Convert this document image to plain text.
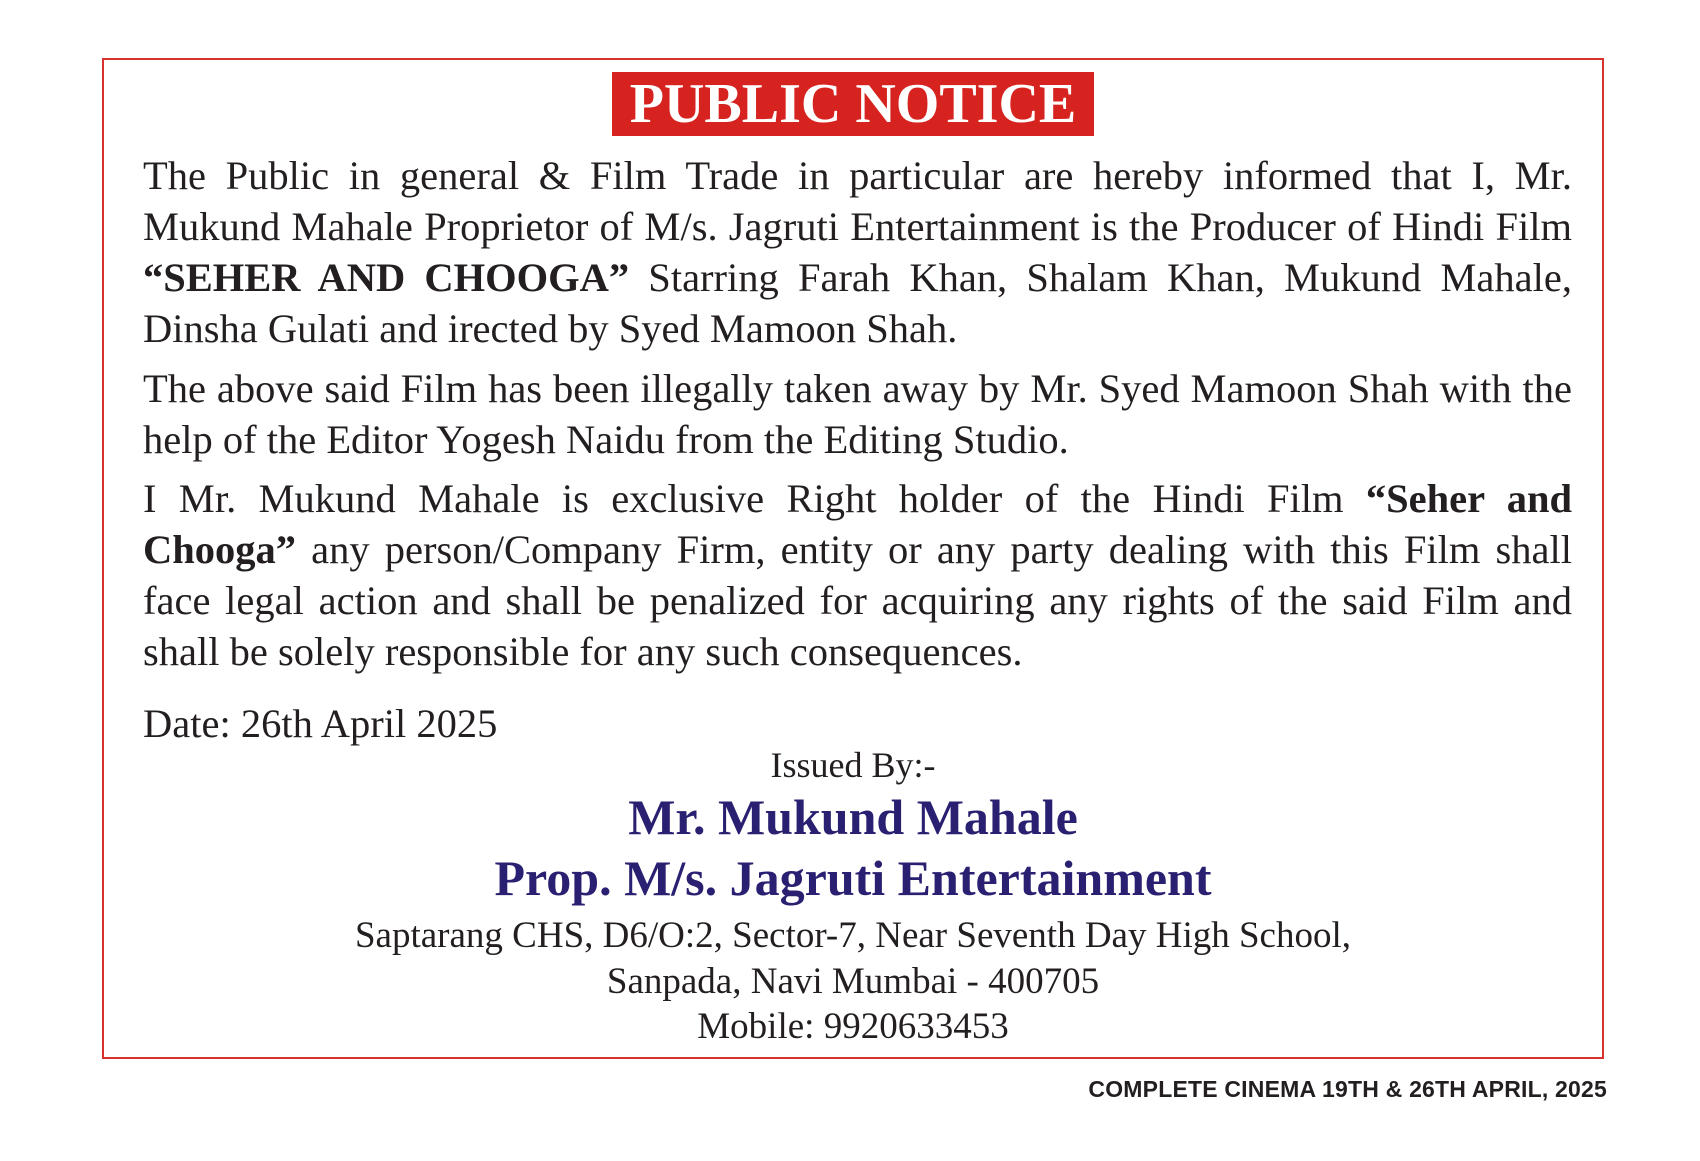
PUBLIC NOTICE

The Public in general & Film Trade in particular are hereby informed that I, Mr. Mukund Mahale Proprietor of M/s. Jagruti Entertainment is the Producer of Hindi Film “SEHER AND CHOOGA” Starring Farah Khan, Shalam Khan, Mukund Mahale, Dinsha Gulati and irected by Syed Mamoon Shah.

The above said Film has been illegally taken away by Mr. Syed Mamoon Shah with the help of the Editor Yogesh Naidu from the Editing Studio.

I Mr. Mukund Mahale is exclusive Right holder of the Hindi Film “Seher and Chooga” any person/Company Firm, entity or any party dealing with this Film shall face legal action and shall be penalized for acquiring any rights of the said Film and shall be solely responsible for any such consequences.

Date: 26th April 2025
Issued By:-
Mr. Mukund Mahale
Prop. M/s. Jagruti Entertainment
Saptarang CHS, D6/O:2, Sector-7, Near Seventh Day High School,
Sanpada, Navi Mumbai - 400705
Mobile: 9920633453
COMPLETE CINEMA 19TH & 26TH APRIL, 2025
